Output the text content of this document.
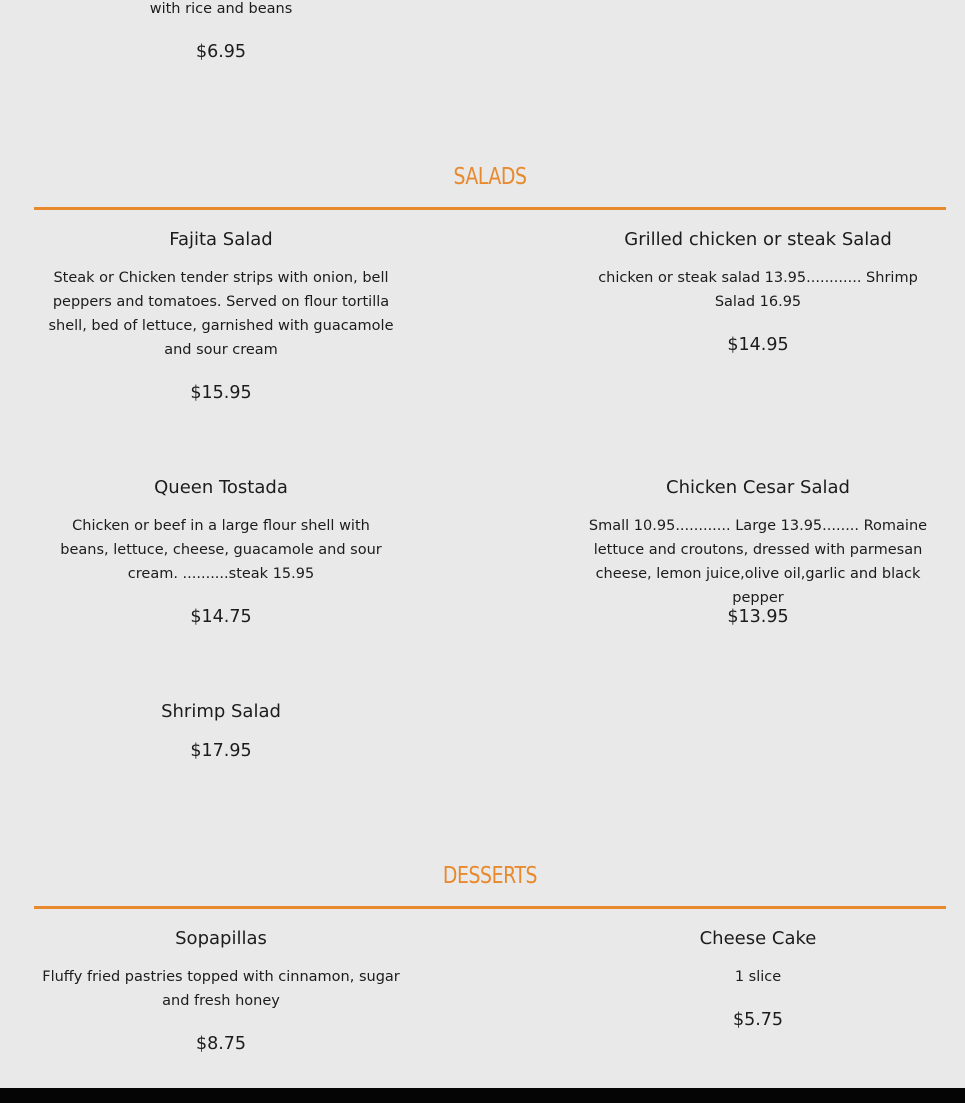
with rice and beans
$6.95
SALADS
Fajita Salad
Steak or Chicken tender strips with onion, bell peppers and tomatoes. Served on flour tortilla shell, bed of lettuce, garnished with guacamole and sour cream
$15.95
Grilled chicken or steak Salad
chicken or steak salad 13.95............ Shrimp Salad 16.95
$14.95
Queen Tostada
Chicken or beef in a large flour shell with beans, lettuce, cheese, guacamole and sour cream. ..........steak 15.95
$14.75
Chicken Cesar Salad
Small 10.95............ Large 13.95........ Romaine lettuce and croutons, dressed with parmesan cheese, lemon juice,olive oil,garlic and black pepper
$13.95
Shrimp Salad
$17.95
DESSERTS
Sopapillas
Fluffy fried pastries topped with cinnamon, sugar and fresh honey
$8.75
Cheese Cake
1 slice
$5.75
